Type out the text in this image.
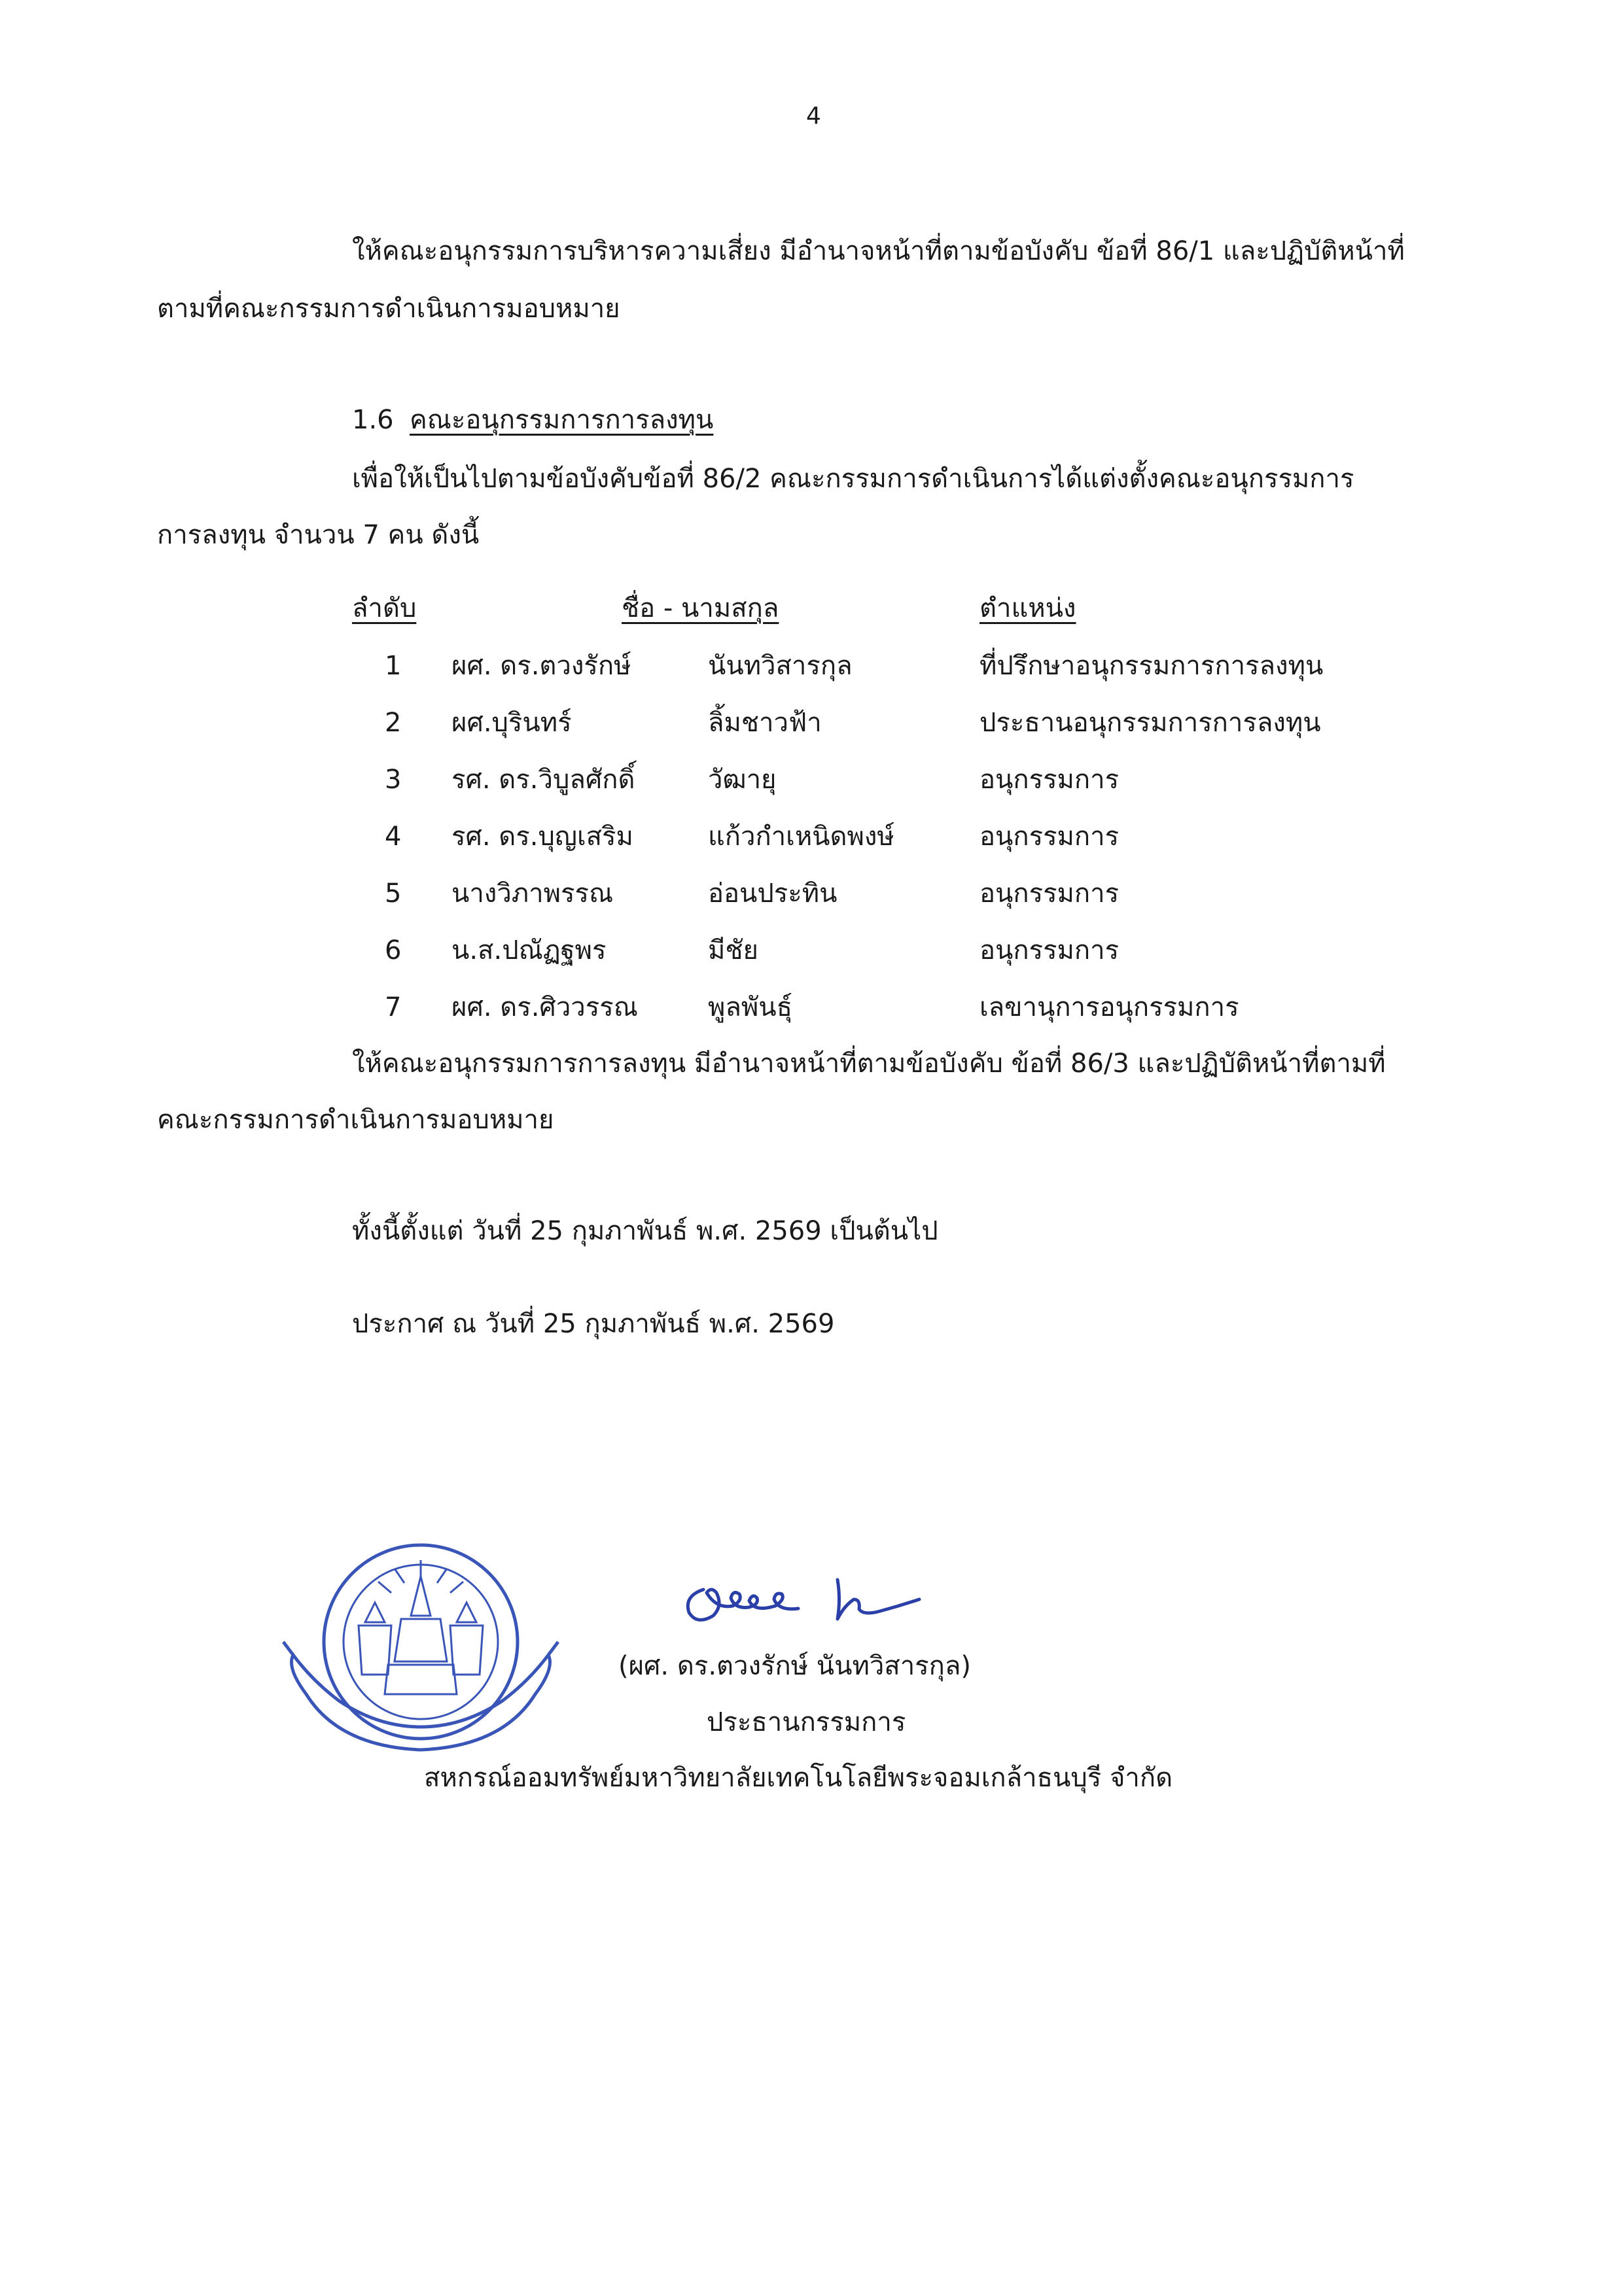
4
ให้คณะอนุกรรมการบริหารความเสี่ยง มีอำนาจหน้าที่ตามข้อบังคับ ข้อที่ 86/1 และปฏิบัติหน้าที่
ตามที่คณะกรรมการดำเนินการมอบหมาย
1.6 คณะอนุกรรมการการลงทุน
เพื่อให้เป็นไปตามข้อบังคับข้อที่ 86/2 คณะกรรมการดำเนินการได้แต่งตั้งคณะอนุกรรมการ
การลงทุน จำนวน 7 คน ดังนี้
ลำดับ	ชื่อ - นามสกุล	ตำแหน่ง
1 ผศ. ดร.ตวงรักษ์	นันทวิสารกุล	ที่ปรึกษาอนุกรรมการการลงทุน
2 ผศ.บุรินทร์	ลิ้มชาวฟ้า	ประธานอนุกรรมการการลงทุน
3 รศ. ดร.วิบูลศักดิ์	วัฒายุ	อนุกรรมการ
4 รศ. ดร.บุญเสริม	แก้วกำเหนิดพงษ์	อนุกรรมการ
5 นางวิภาพรรณ	อ่อนประทิน	อนุกรรมการ
6 น.ส.ปณัฏฐพร	มีชัย	อนุกรรมการ
7 ผศ. ดร.ศิววรรณ	พูลพันธุ์	เลขานุการอนุกรรมการ
ให้คณะอนุกรรมการการลงทุน มีอำนาจหน้าที่ตามข้อบังคับ ข้อที่ 86/3 และปฏิบัติหน้าที่ตามที่
คณะกรรมการดำเนินการมอบหมาย
ทั้งนี้ตั้งแต่ วันที่ 25 กุมภาพันธ์ พ.ศ. 2569 เป็นต้นไป
ประกาศ ณ วันที่ 25 กุมภาพันธ์ พ.ศ. 2569
(ผศ. ดร.ตวงรักษ์ นันทวิสารกุล)
ประธานกรรมการ
สหกรณ์ออมทรัพย์มหาวิทยาลัยเทคโนโลยีพระจอมเกล้าธนบุรี จำกัด
